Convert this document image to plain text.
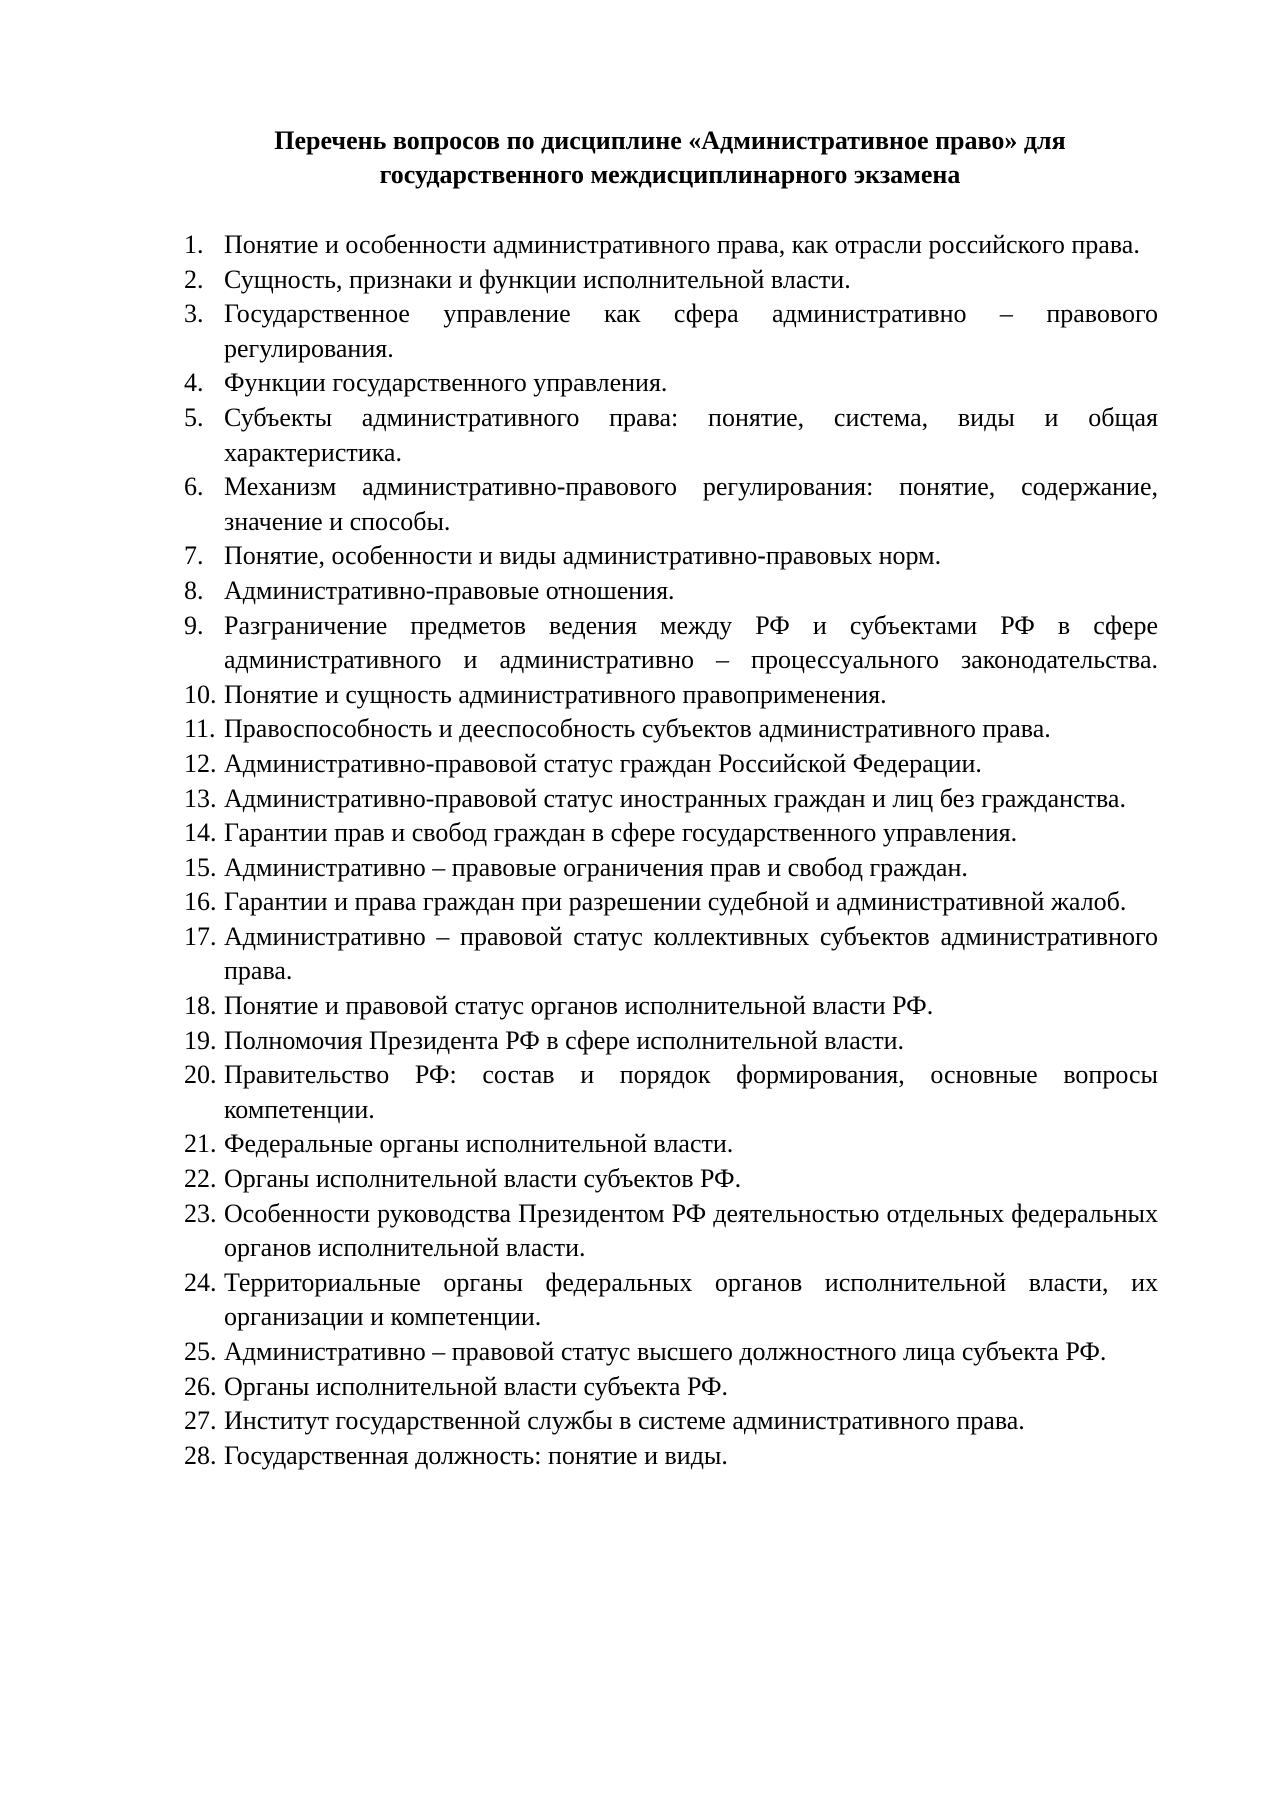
Перечень вопросов по дисциплине «Административное право» для
государственного междисциплинарного экзамена
1. Понятие и особенности административного права, как отрасли российского права.
2. Сущность, признаки и функции исполнительной власти.
3. Государственное управление как сфера административно – правового регулирования.
4. Функции государственного управления.
5. Субъекты административного права: понятие, система, виды и общая характеристика.
6. Механизм административно-правового регулирования: понятие, содержание, значение и способы.
7. Понятие, особенности и виды административно-правовых норм.
8. Административно-правовые отношения.
9. Разграничение предметов ведения между РФ и субъектами РФ в сфере административного и административно – процессуального законодательства.
10. Понятие и сущность административного правоприменения.
11. Правоспособность и дееспособность субъектов административного права.
12. Административно-правовой статус граждан Российской Федерации.
13. Административно-правовой статус иностранных граждан и лиц без гражданства.
14. Гарантии прав и свобод граждан в сфере государственного управления.
15. Административно – правовые ограничения прав и свобод граждан.
16. Гарантии и права граждан при разрешении судебной и административной жалоб.
17. Административно – правовой статус коллективных субъектов административного права.
18. Понятие и правовой статус органов исполнительной власти РФ.
19. Полномочия Президента РФ в сфере исполнительной власти.
20. Правительство РФ: состав и порядок формирования, основные вопросы компетенции.
21. Федеральные органы исполнительной власти.
22. Органы исполнительной власти субъектов РФ.
23. Особенности руководства Президентом РФ деятельностью отдельных федеральных органов исполнительной власти.
24. Территориальные органы федеральных органов исполнительной власти, их организации и компетенции.
25. Административно – правовой статус высшего должностного лица субъекта РФ.
26. Органы исполнительной власти субъекта РФ.
27. Институт государственной службы в системе административного права.
28. Государственная должность: понятие и виды.
